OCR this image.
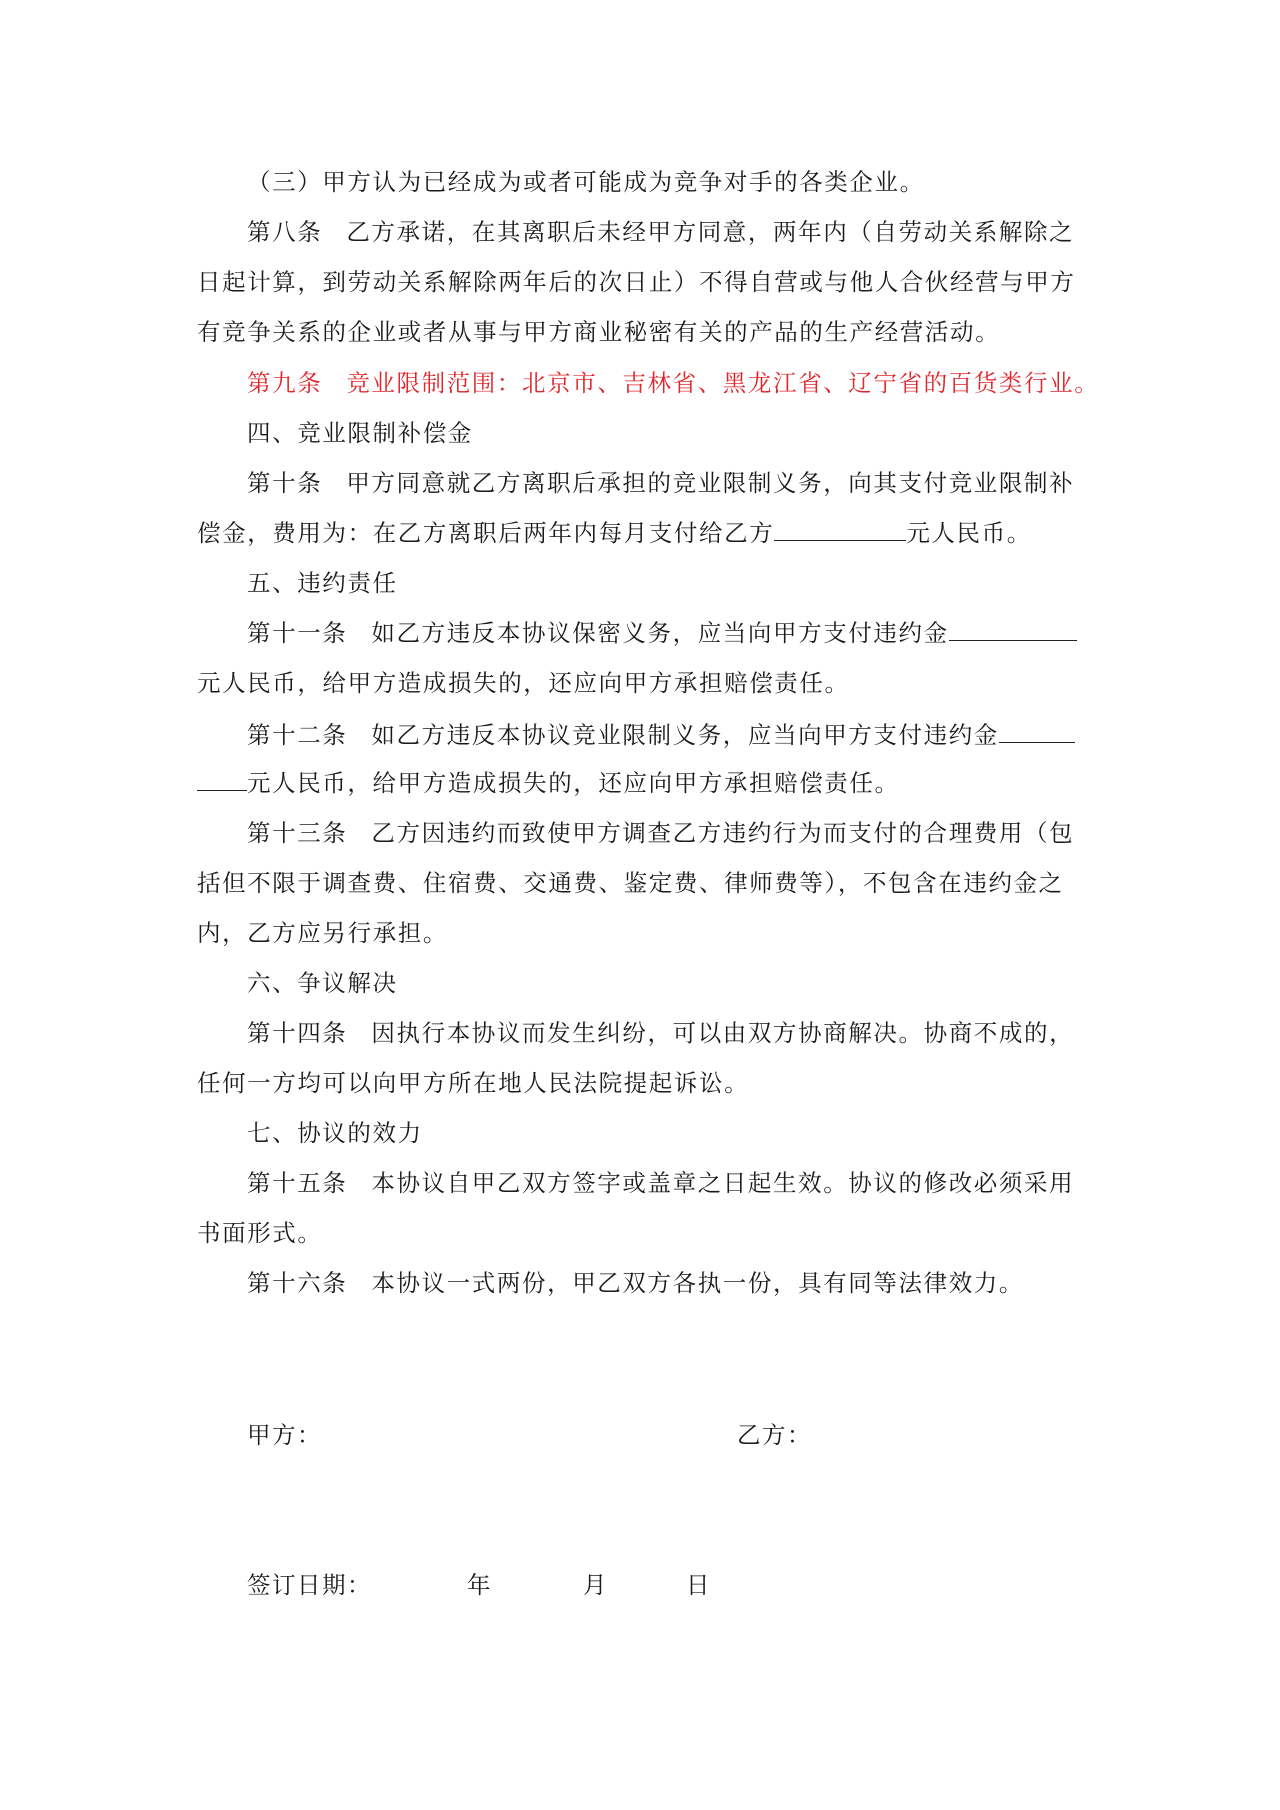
（三）甲方认为已经成为或者可能成为竞争对手的各类企业。
第八条 乙方承诺，在其离职后未经甲方同意，两年内（自劳动关系解除之
日起计算，到劳动关系解除两年后的次日止）不得自营或与他人合伙经营与甲方
有竞争关系的企业或者从事与甲方商业秘密有关的产品的生产经营活动。
第九条 竞业限制范围：北京市、吉林省、黑龙江省、辽宁省的百货类行业。
四、竞业限制补偿金
第十条 甲方同意就乙方离职后承担的竞业限制义务，向其支付竞业限制补
偿金，费用为：在乙方离职后两年内每月支付给乙方	元人民币。
五、违约责任
第十一条 如乙方违反本协议保密义务，应当向甲方支付违约金
元人民币，给甲方造成损失的，还应向甲方承担赔偿责任。
第十二条 如乙方违反本协议竞业限制义务，应当向甲方支付违约金
元人民币，给甲方造成损失的，还应向甲方承担赔偿责任。
第十三条 乙方因违约而致使甲方调查乙方违约行为而支付的合理费用（包
括但不限于调查费、住宿费、交通费、鉴定费、律师费等），不包含在违约金之
内，乙方应另行承担。
六、争议解决
第十四条 因执行本协议而发生纠纷，可以由双方协商解决。协商不成的，
任何一方均可以向甲方所在地人民法院提起诉讼。
七、协议的效力
第十五条 本协议自甲乙双方签字或盖章之日起生效。协议的修改必须采用
书面形式。
第十六条 本协议一式两份，甲乙双方各执一份，具有同等法律效力。
甲方：	乙方：
签订日期：	年	月	日
